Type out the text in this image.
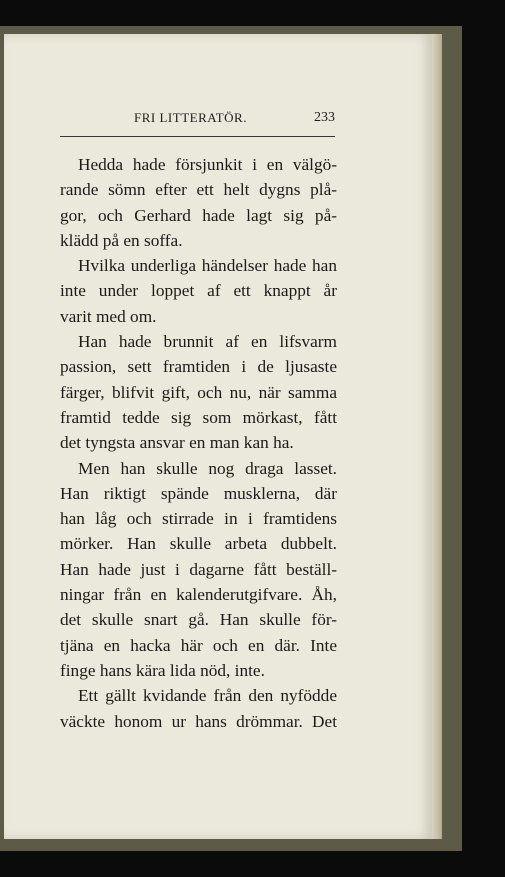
FRI LITTERATÖR.	233
Hedda hade försjunkit i en välgö-
rande sömn efter ett helt dygns plå-
gor, och Gerhard hade lagt sig på-
klädd på en soffa.
Hvilka underliga händelser hade han
inte under loppet af ett knappt år
varit med om.
Han hade brunnit af en lifsvarm
passion, sett framtiden i de ljusaste
färger, blifvit gift, och nu, när samma
framtid tedde sig som mörkast, fått
det tyngsta ansvar en man kan ha.
Men han skulle nog draga lasset.
Han riktigt spände musklerna, där
han låg och stirrade in i framtidens
mörker. Han skulle arbeta dubbelt.
Han hade just i dagarne fått beställ-
ningar från en kalenderutgifvare. Åh,
det skulle snart gå. Han skulle för-
tjäna en hacka här och en där. Inte
finge hans kära lida nöd, inte.
Ett gällt kvidande från den nyfödde
väckte honom ur hans drömmar. Det
